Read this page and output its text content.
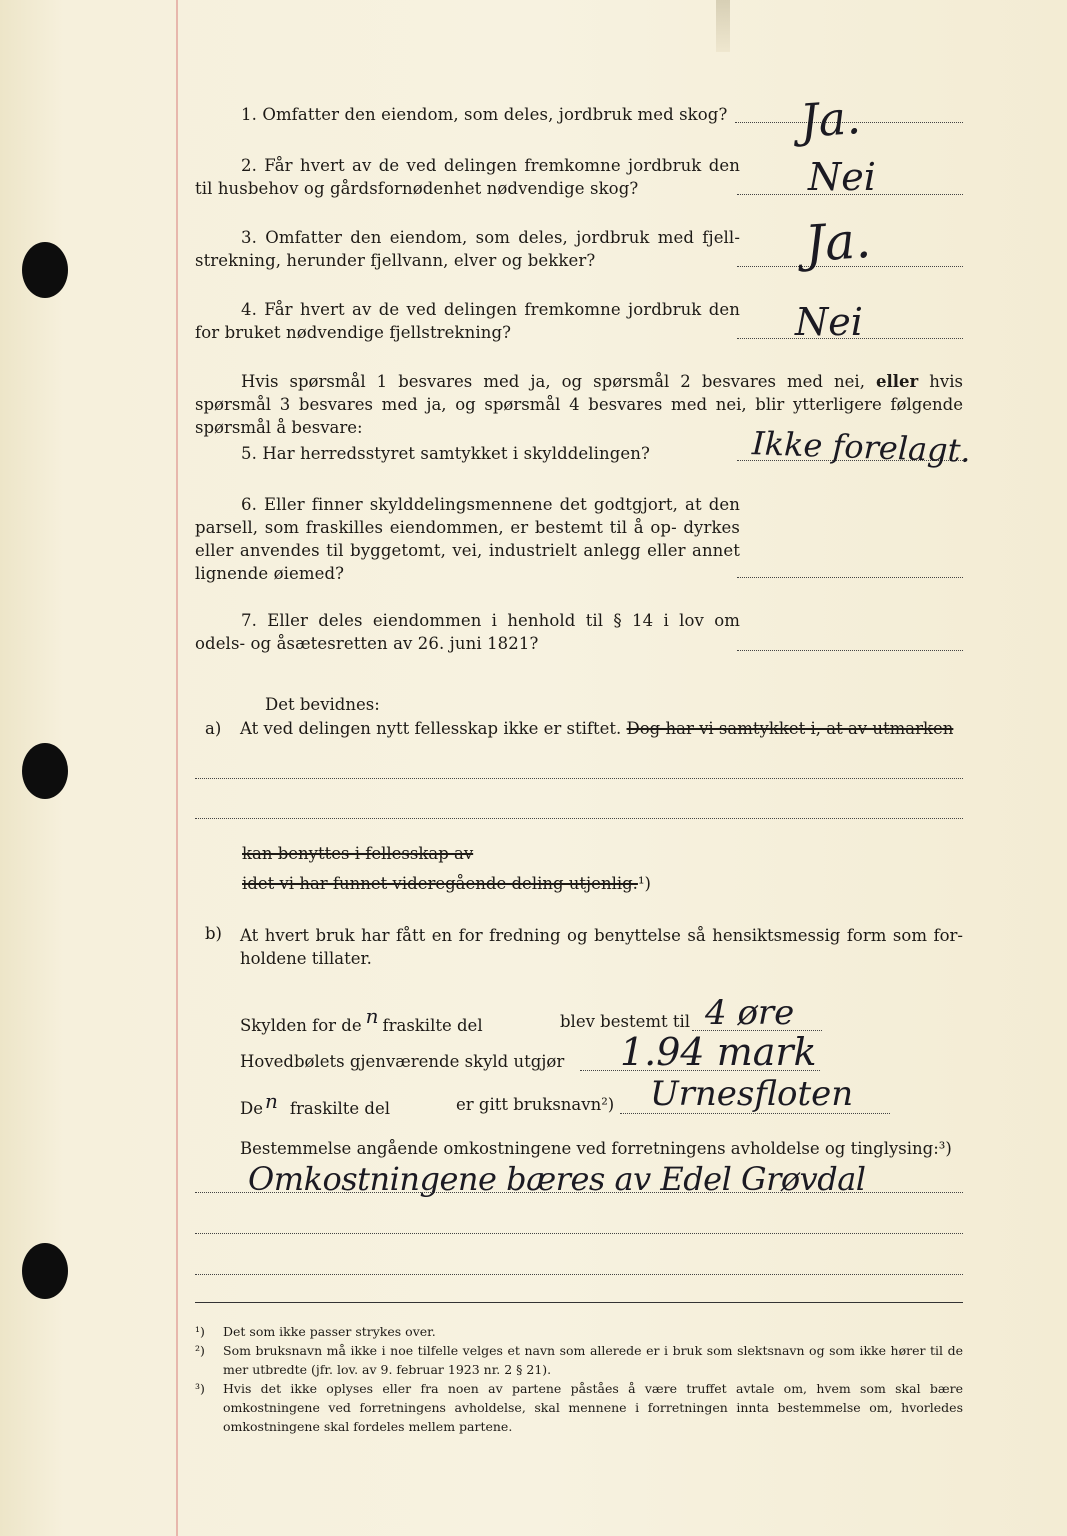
1. Omfatter den eiendom, som deles, jordbruk med skog?	Ja.

2. Får hvert av de ved delingen fremkomne jordbruk den til husbehov og gårdsfornødenhet nødvendige skog?	Nei

3. Omfatter den eiendom, som deles, jordbruk med fjell- strekning, herunder fjellvann, elver og bekker?	Ja.

4. Får hvert av de ved delingen fremkomne jordbruk den for bruket nødvendige fjellstrekning?	Nei

Hvis spørsmål 1 besvares med ja, og spørsmål 2 besvares med nei, eller hvis spørsmål 3 besvares med ja, og spørsmål 4 besvares med nei, blir ytterligere følgende spørsmål å besvare:

5. Har herredsstyret samtykket i skylddelingen?	Ikke forelagt.

6. Eller finner skylddelingsmennene det godtgjort, at den parsell, som fraskilles eiendommen, er bestemt til å op- dyrkes eller anvendes til byggetomt, vei, industrielt anlegg eller annet lignende øiemed?

7. Eller deles eiendommen i henhold til § 14 i lov om odels- og åsætesretten av 26. juni 1821?

Det bevidnes:
a) At ved delingen nytt fellesskap ikke er stiftet. Dog har vi samtykket i, at av utmarken
kan benyttes i fellesskap av
idet vi har funnet videregående deling utjenlig.¹)
b) At hvert bruk har fått en for fredning og benyttelse så hensiktsmessig form som for- holdene tillater.

Skylden for de n fraskilte del	blev bestemt til 4 øre
Hovedbølets gjenværende skyld utgjør 1.94 mark
De n fraskilte del	er gitt bruksnavn²) Urnesfloten
Bestemmelse angående omkostningene ved forretningens avholdelse og tinglysing:³)
Omkostningene bæres av Edel Grøvdal
¹)	Det som ikke passer strykes over.
²)	Som bruksnavn må ikke i noe tilfelle velges et navn som allerede er i bruk som slektsnavn og som ikke hører til de mer utbredte (jfr. lov. av 9. februar 1923 nr. 2 § 21).
³)	Hvis det ikke oplyses eller fra noen av partene påståes å være truffet avtale om, hvem som skal bære omkostningene ved forretningens avholdelse, skal mennene i forretningen innta bestemmelse om, hvorledes omkostningene skal fordeles mellem partene.
